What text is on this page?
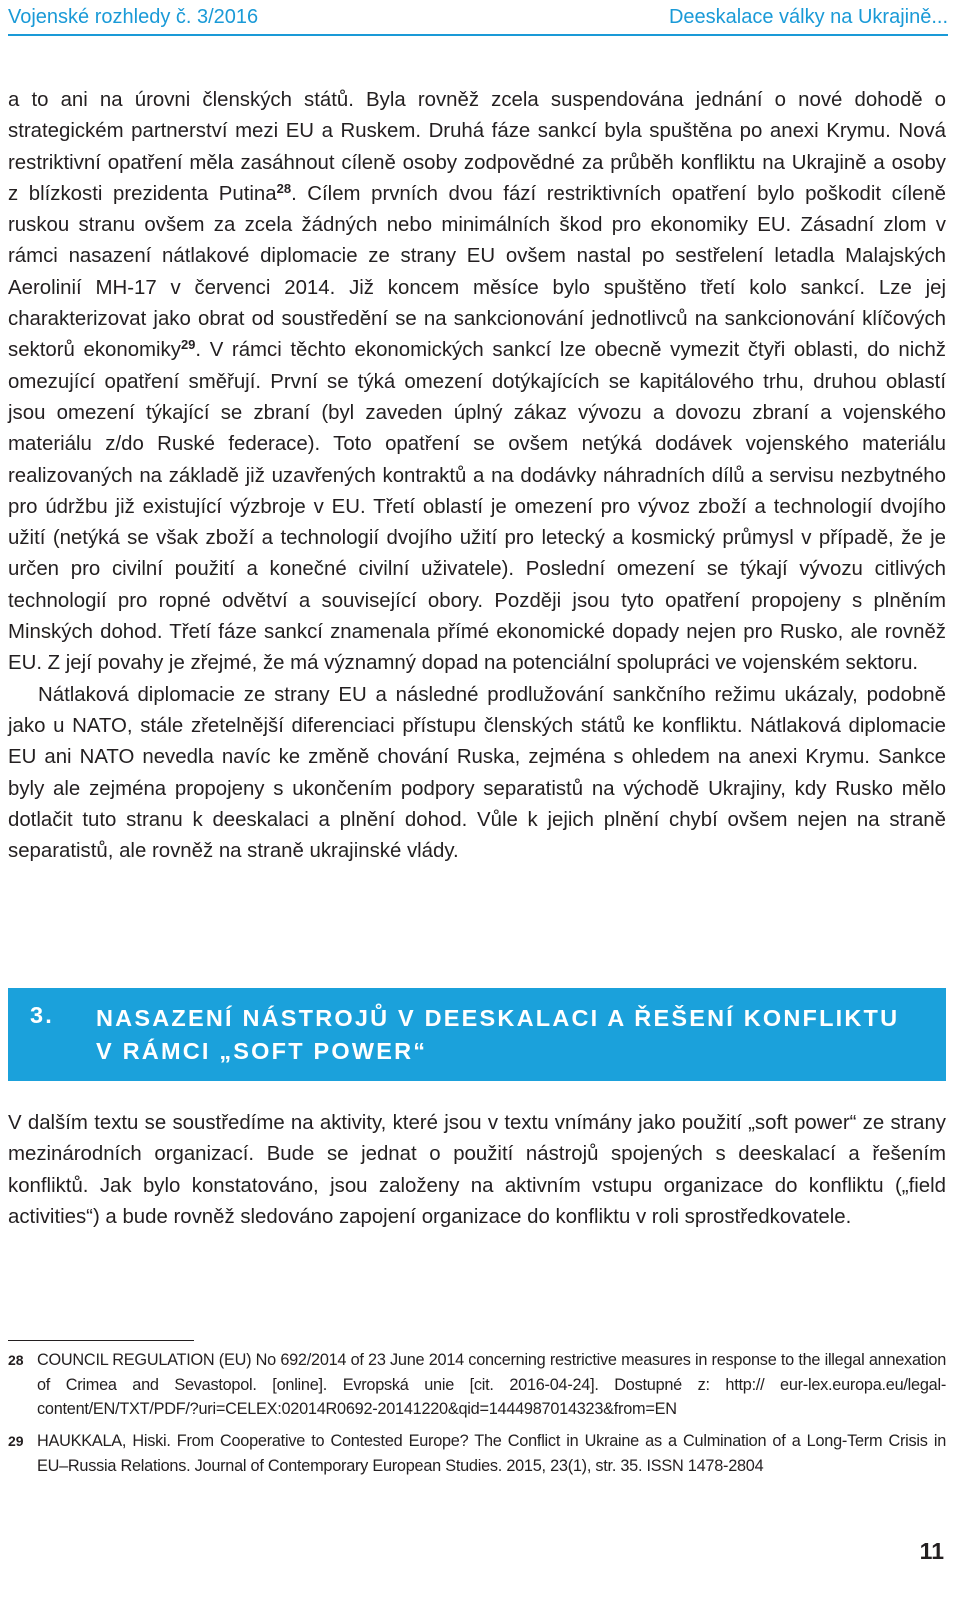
Vojenské rozhledy č. 3/2016	Deeskalace války na Ukrajině...

a to ani na úrovni členských států. Byla rovněž zcela suspendována jednání o nové dohodě o strategickém partnerství mezi EU a Ruskem. Druhá fáze sankcí byla spuštěna po anexi Krymu. Nová restriktivní opatření měla zasáhnout cíleně osoby zodpovědné za průběh konfliktu na Ukrajině a osoby z blízkosti prezidenta Putina$^{28}$. Cílem prvních dvou fází restriktivních opatření bylo poškodit cíleně ruskou stranu ovšem za zcela žádných nebo minimálních škod pro ekonomiky EU. Zásadní zlom v rámci nasazení nátlakové diplomacie ze strany EU ovšem nastal po sestřelení letadla Malajských Aerolinií MH-17 v červenci 2014. Již koncem měsíce bylo spuštěno třetí kolo sankcí. Lze jej charakterizovat jako obrat od soustředění se na sankcionování jednotlivců na sankcionování klíčových sektorů ekonomiky$^{29}$. V rámci těchto ekonomických sankcí lze obecně vymezit čtyři oblasti, do nichž omezující opatření směřují. První se týká omezení dotýkajících se kapitálového trhu, druhou oblastí jsou omezení týkající se zbraní (byl zaveden úplný zákaz vývozu a dovozu zbraní a vojenského materiálu z/do Ruské federace). Toto opatření se ovšem netýká dodávek vojenského materiálu realizovaných na základě již uzavřených kontraktů a na dodávky náhradních dílů a servisu nezbytného pro údržbu již existující výzbroje v EU. Třetí oblastí je omezení pro vývoz zboží a technologií dvojího užití (netýká se však zboží a technologií dvojího užití pro letecký a kosmický průmysl v případě, že je určen pro civilní použití a konečné civilní uživatele). Poslední omezení se týkají vývozu citlivých technologií pro ropné odvětví a související obory. Později jsou tyto opatření propojeny s plněním Minských dohod. Třetí fáze sankcí znamenala přímé ekonomické dopady nejen pro Rusko, ale rovněž EU. Z její povahy je zřejmé, že má významný dopad na potenciální spolupráci ve vojenském sektoru.

Nátlaková diplomacie ze strany EU a následné prodlužování sankčního režimu ukázaly, podobně jako u NATO, stále zřetelnější diferenciaci přístupu členských států ke konfliktu. Nátlaková diplomacie EU ani NATO nevedla navíc ke změně chování Ruska, zejména s ohledem na anexi Krymu. Sankce byly ale zejména propojeny s ukončením podpory separatistů na východě Ukrajiny, kdy Rusko mělo dotlačit tuto stranu k deeskalaci a plnění dohod. Vůle k jejich plnění chybí ovšem nejen na straně separatistů, ale rovněž na straně ukrajinské vlády.

3. NASAZENÍ NÁSTROJŮ V DEESKALACI A ŘEŠENÍ KONFLIKTU V RÁMCI „SOFT POWER“

V dalším textu se soustředíme na aktivity, které jsou v textu vnímány jako použití „soft power“ ze strany mezinárodních organizací. Bude se jednat o použití nástrojů spojených s deeskalací a řešením konfliktů. Jak bylo konstatováno, jsou založeny na aktivním vstupu organizace do konfliktu („field activities“) a bude rovněž sledováno zapojení organizace do konfliktu v roli sprostředkovatele.

28 COUNCIL REGULATION (EU) No 692/2014 of 23 June 2014 concerning restrictive measures in response to the illegal annexation of Crimea and Sevastopol. [online]. Evropská unie [cit. 2016-04-24]. Dostupné z: http:// eur-lex.europa.eu/legal-content/EN/TXT/PDF/?uri=CELEX:02014R0692-20141220&qid=1444987014323&from=EN
29 HAUKKALA, Hiski. From Cooperative to Contested Europe? The Conflict in Ukraine as a Culmination of a Long-Term Crisis in EU–Russia Relations. Journal of Contemporary European Studies. 2015, 23(1), str. 35. ISSN 1478-2804
11
